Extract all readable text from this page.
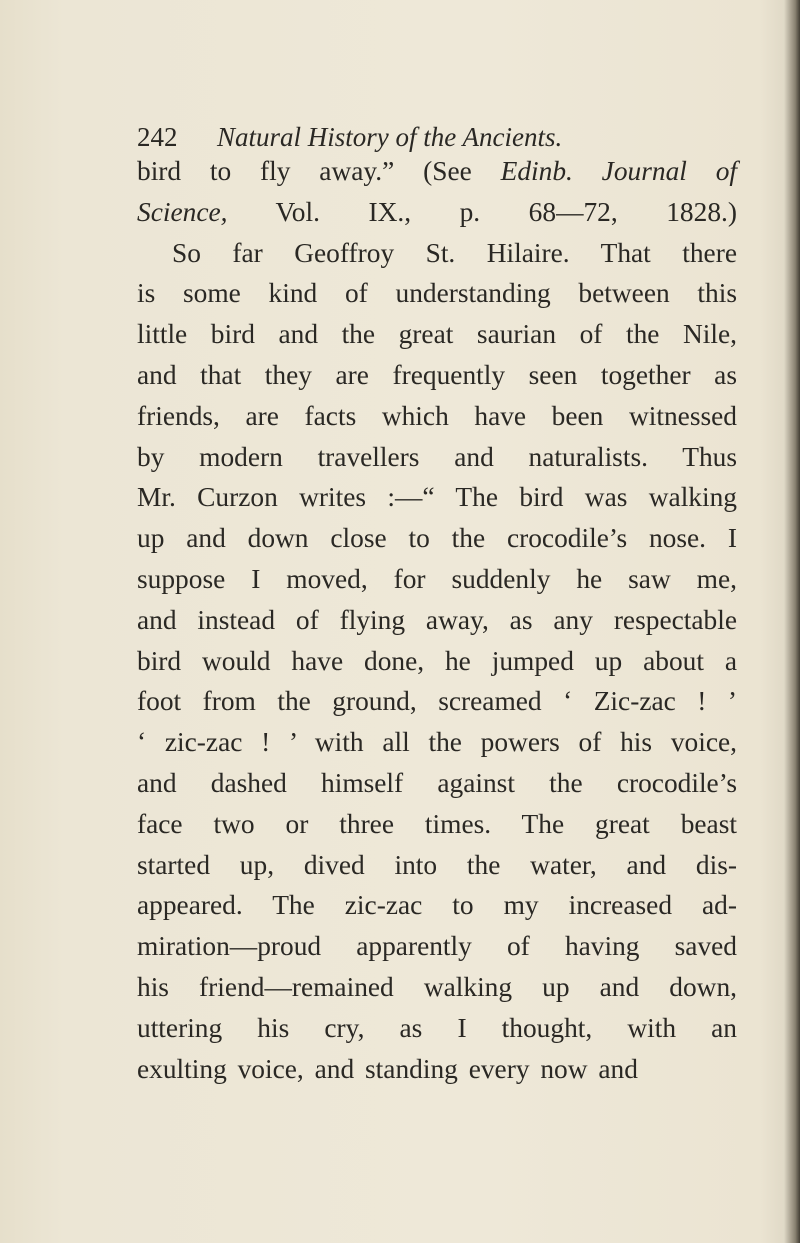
242 Natural History of the Ancients.
bird to fly away.” (See Edinb. Journal of
Science, Vol. IX., p. 68—72, 1828.)
So far Geoffroy St. Hilaire. That there
is some kind of understanding between this
little bird and the great saurian of the Nile,
and that they are frequently seen together as
friends, are facts which have been witnessed
by modern travellers and naturalists. Thus
Mr. Curzon writes :—“ The bird was walking
up and down close to the crocodile’s nose. I
suppose I moved, for suddenly he saw me,
and instead of flying away, as any respectable
bird would have done, he jumped up about a
foot from the ground, screamed ‘ Zic-zac ! ’
‘ zic-zac ! ’ with all the powers of his voice,
and dashed himself against the crocodile’s
face two or three times. The great beast
started up, dived into the water, and dis-
appeared. The zic-zac to my increased ad-
miration—proud apparently of having saved
his friend—remained walking up and down,
uttering his cry, as I thought, with an
exulting voice, and standing every now and
